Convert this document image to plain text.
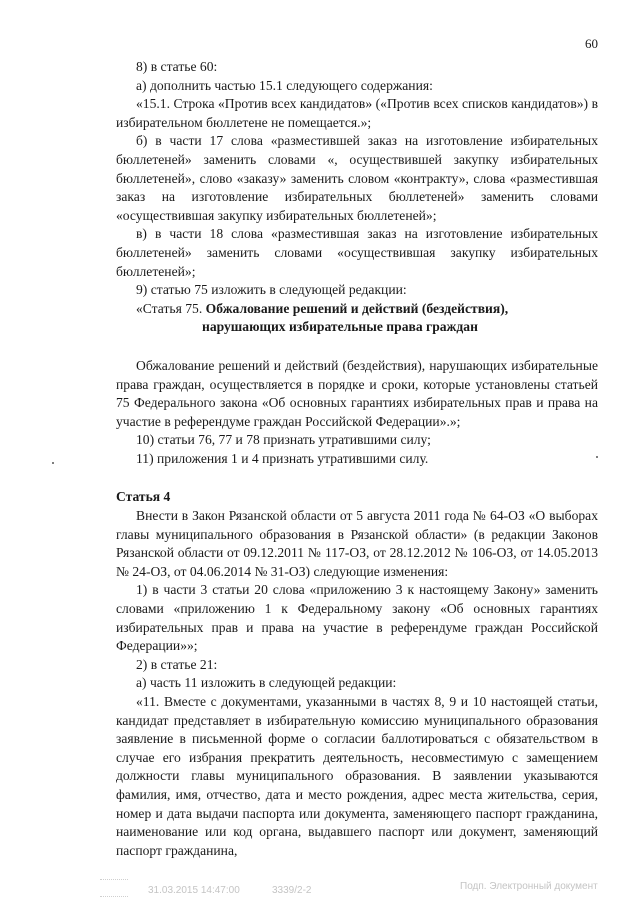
60

8) в статье 60:

а) дополнить частью 15.1 следующего содержания:

«15.1. Строка «Против всех кандидатов» («Против всех списков кандидатов») в избирательном бюллетене не помещается.»;

б) в части 17 слова «разместившей заказ на изготовление избирательных бюллетеней» заменить словами «, осуществившей закупку избирательных бюллетеней», слово «заказу» заменить словом «контракту», слова «разместившая заказ на изготовление избирательных бюллетеней» заменить словами «осуществившая закупку избирательных бюллетеней»;

в) в части 18 слова «разместившая заказ на изготовление избирательных бюллетеней» заменить словами «осуществившая закупку избирательных бюллетеней»;

9) статью 75 изложить в следующей редакции:

«Статья 75. Обжалование решений и действий (бездействия),

нарушающих избирательные права граждан

Обжалование решений и действий (бездействия), нарушающих избирательные права граждан, осуществляется в порядке и сроки, которые установлены статьей 75 Федерального закона «Об основных гарантиях избирательных прав и права на участие в референдуме граждан Российской Федерации».»;

10) статьи 76, 77 и 78 признать утратившими силу;

11) приложения 1 и 4 признать утратившими силу.

Статья 4

Внести в Закон Рязанской области от 5 августа 2011 года № 64-ОЗ «О выборах главы муниципального образования в Рязанской области» (в редакции Законов Рязанской области от 09.12.2011 № 117-ОЗ, от 28.12.2012 № 106-ОЗ, от 14.05.2013 № 24-ОЗ, от 04.06.2014 № 31-ОЗ) следующие изменения:

1) в части 3 статьи 20 слова «приложению 3 к настоящему Закону» заменить словами «приложению 1 к Федеральному закону «Об основных гарантиях избирательных прав и права на участие в референдуме граждан Российской Федерации»»;

2) в статье 21:

а) часть 11 изложить в следующей редакции:

«11. Вместе с документами, указанными в частях 8, 9 и 10 настоящей статьи, кандидат представляет в избирательную комиссию муниципального образования заявление в письменной форме о согласии баллотироваться с обязательством в случае его избрания прекратить деятельность, несовместимую с замещением должности главы муниципального образования. В заявлении указываются фамилия, имя, отчество, дата и место рождения, адрес места жительства, серия, номер и дата выдачи паспорта или документа, заменяющего паспорт гражданина, наименование или код органа, выдавшего паспорт или документ, заменяющий паспорт гражданина,

31.03.2015 14:47:00	3339/2-2	Подп. Электронный документ
